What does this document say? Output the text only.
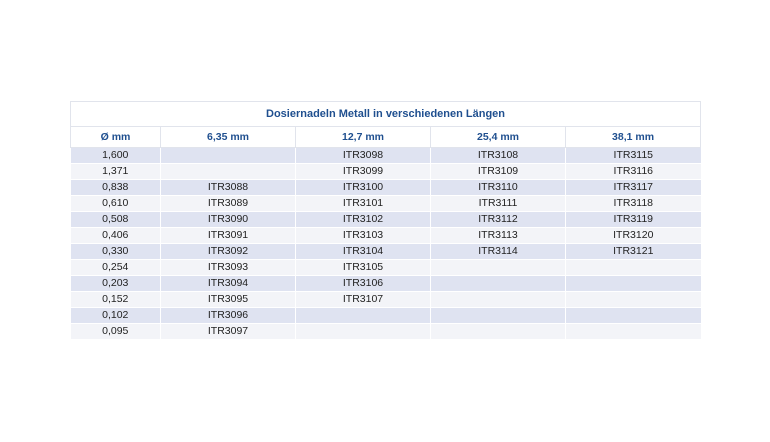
Dosiernadeln Metall in verschiedenen Längen				
Ø mm	6,35 mm	12,7 mm	25,4 mm	38,1 mm
1,600		ITR3098	ITR3108	ITR3115
1,371		ITR3099	ITR3109	ITR3116
0,838	ITR3088	ITR3100	ITR3110	ITR3117
0,610	ITR3089	ITR3101	ITR3111	ITR3118
0,508	ITR3090	ITR3102	ITR3112	ITR3119
0,406	ITR3091	ITR3103	ITR3113	ITR3120
0,330	ITR3092	ITR3104	ITR3114	ITR3121
0,254	ITR3093	ITR3105		
0,203	ITR3094	ITR3106		
0,152	ITR3095	ITR3107		
0,102	ITR3096			
0,095	ITR3097			
